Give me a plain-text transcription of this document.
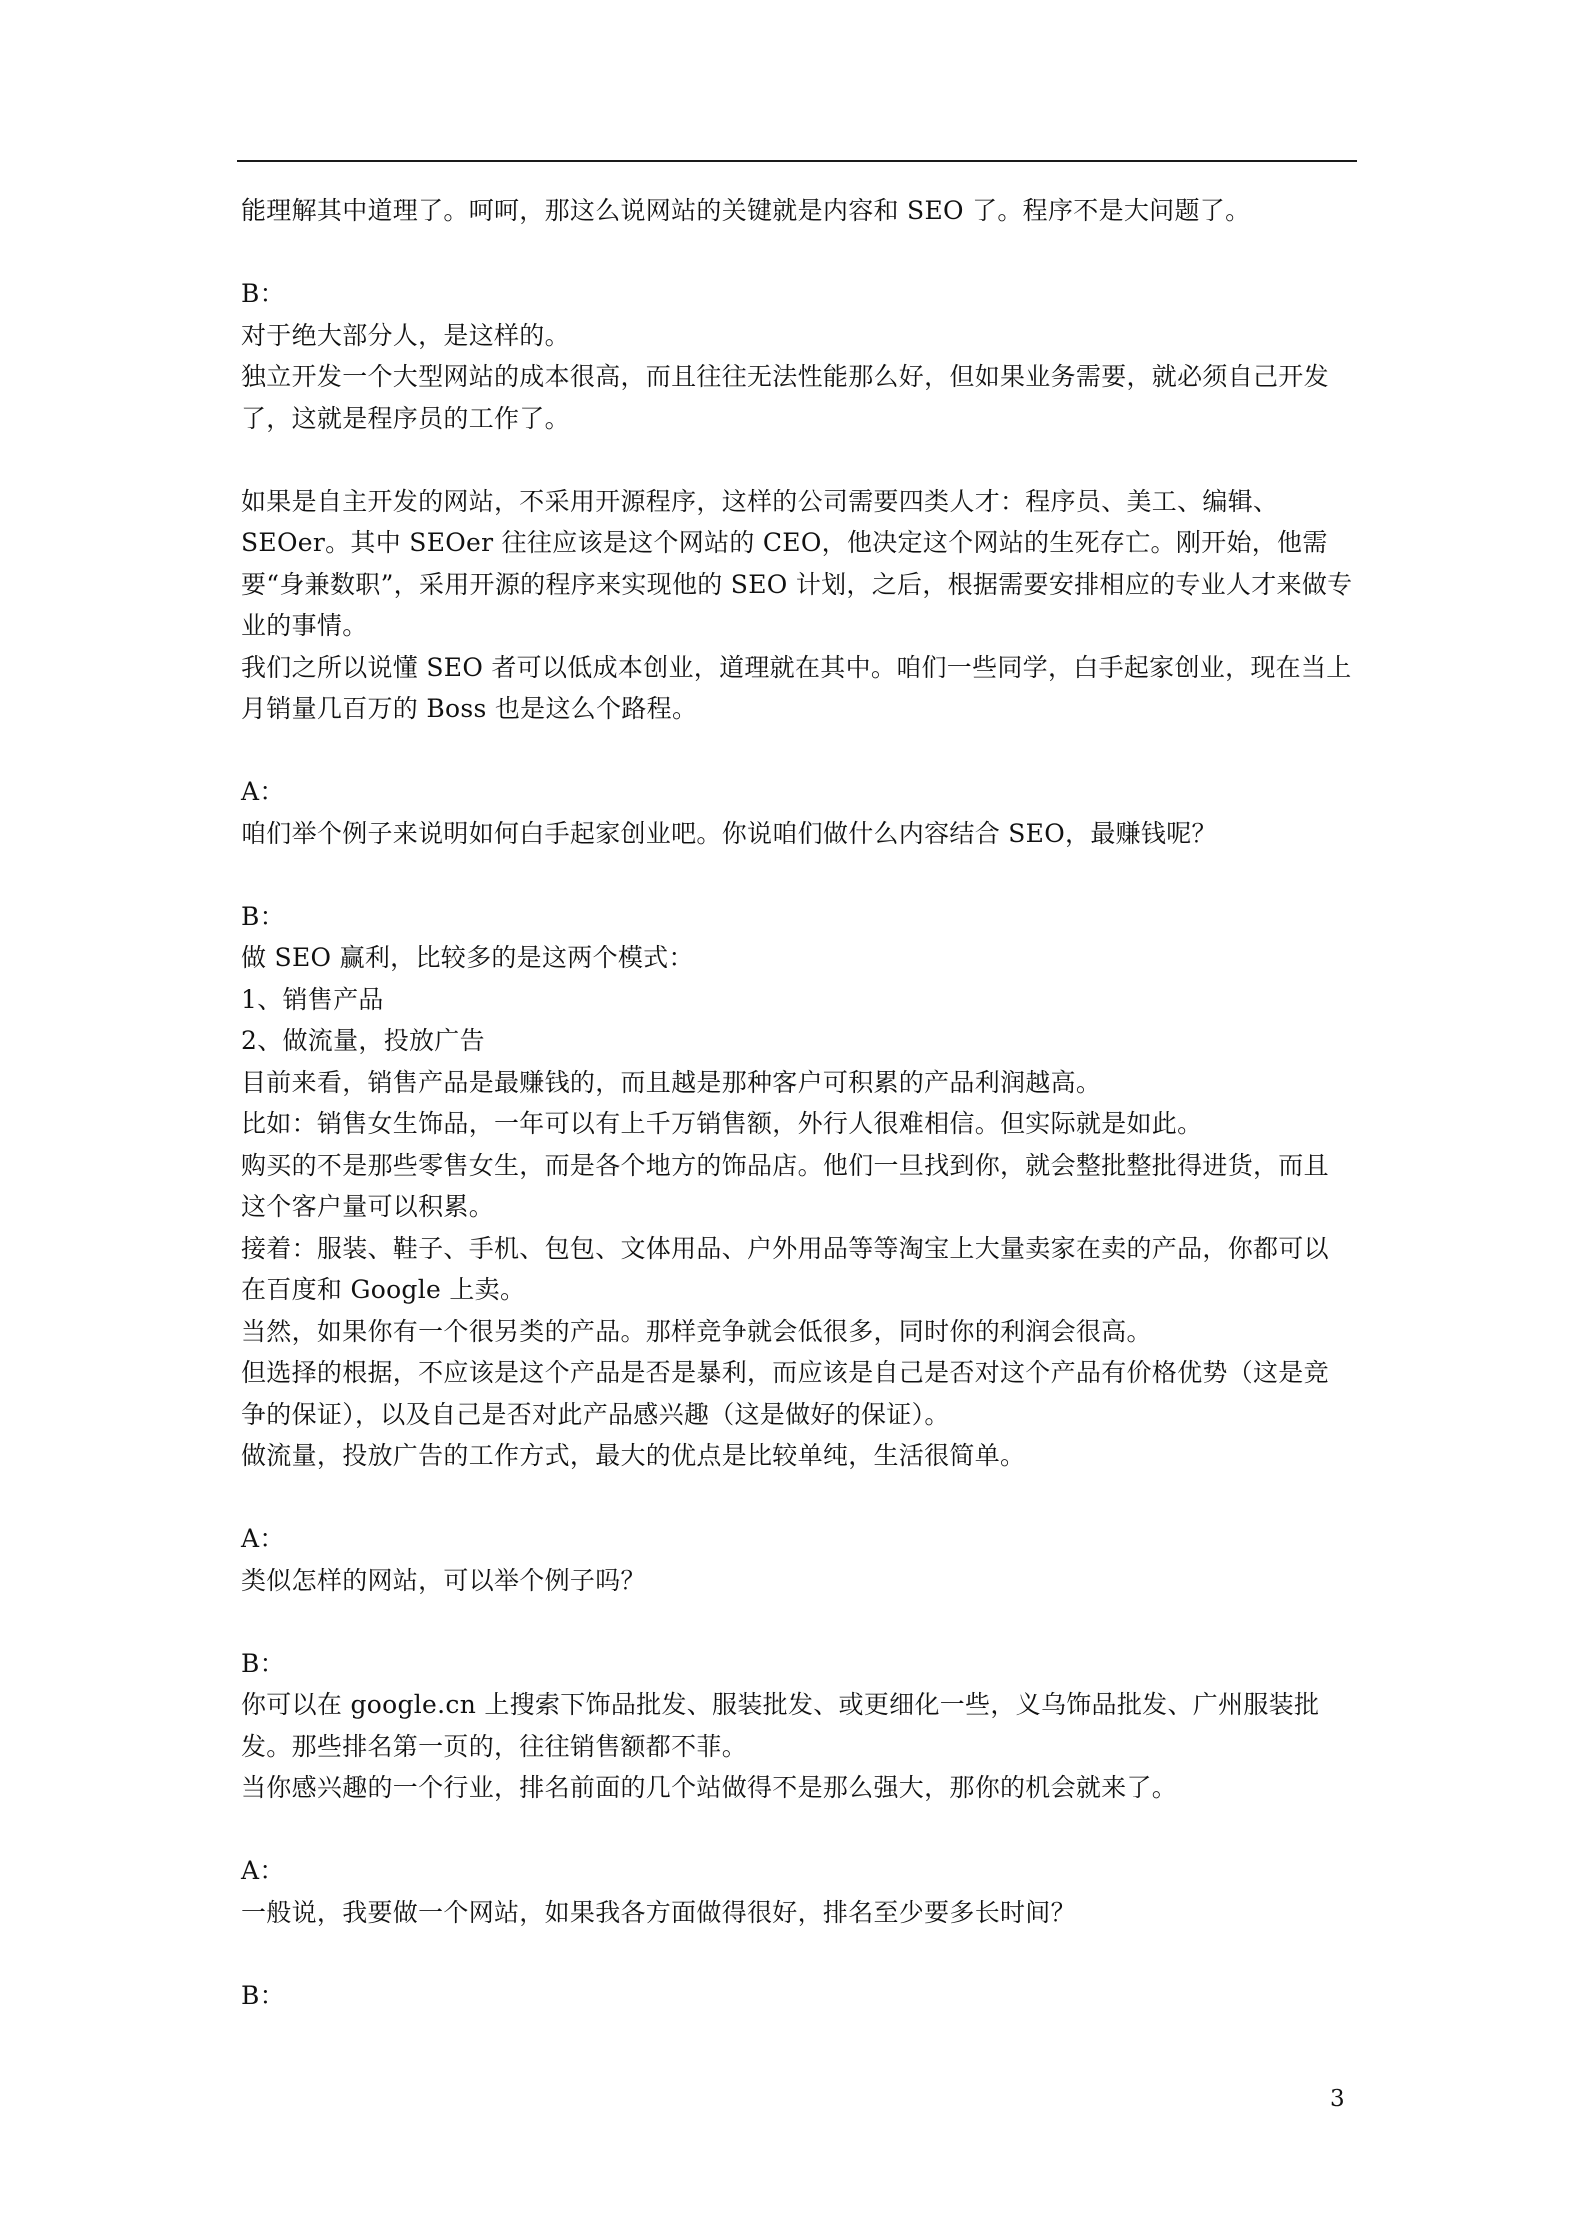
能理解其中道理了。呵呵，那这么说网站的关键就是内容和 SEO 了。程序不是大问题了。
B：
对于绝大部分人，是这样的。
独立开发一个大型网站的成本很高，而且往往无法性能那么好，但如果业务需要，就必须自己开发了，这就是程序员的工作了。
如果是自主开发的网站，不采用开源程序，这样的公司需要四类人才：程序员、美工、编辑、SEOer。其中 SEOer 往往应该是这个网站的 CEO，他决定这个网站的生死存亡。刚开始，他需要“身兼数职”，采用开源的程序来实现他的 SEO 计划，之后，根据需要安排相应的专业人才来做专业的事情。
我们之所以说懂 SEO 者可以低成本创业，道理就在其中。咱们一些同学，白手起家创业，现在当上月销量几百万的 Boss 也是这么个路程。
A：
咱们举个例子来说明如何白手起家创业吧。你说咱们做什么内容结合 SEO，最赚钱呢？
B：
做 SEO 赢利，比较多的是这两个模式：
1、销售产品
2、做流量，投放广告
目前来看，销售产品是最赚钱的，而且越是那种客户可积累的产品利润越高。
比如：销售女生饰品，一年可以有上千万销售额，外行人很难相信。但实际就是如此。
购买的不是那些零售女生，而是各个地方的饰品店。他们一旦找到你，就会整批整批得进货，而且这个客户量可以积累。
接着：服装、鞋子、手机、包包、文体用品、户外用品等等淘宝上大量卖家在卖的产品，你都可以在百度和 Google 上卖。
当然，如果你有一个很另类的产品。那样竞争就会低很多，同时你的利润会很高。
但选择的根据，不应该是这个产品是否是暴利，而应该是自己是否对这个产品有价格优势（这是竞争的保证），以及自己是否对此产品感兴趣（这是做好的保证）。
做流量，投放广告的工作方式，最大的优点是比较单纯，生活很简单。
A：
类似怎样的网站，可以举个例子吗？
B：
你可以在 google.cn 上搜索下饰品批发、服装批发、或更细化一些，义乌饰品批发、广州服装批发。那些排名第一页的，往往销售额都不菲。
当你感兴趣的一个行业，排名前面的几个站做得不是那么强大，那你的机会就来了。
A：
一般说，我要做一个网站，如果我各方面做得很好，排名至少要多长时间？
B：
3
